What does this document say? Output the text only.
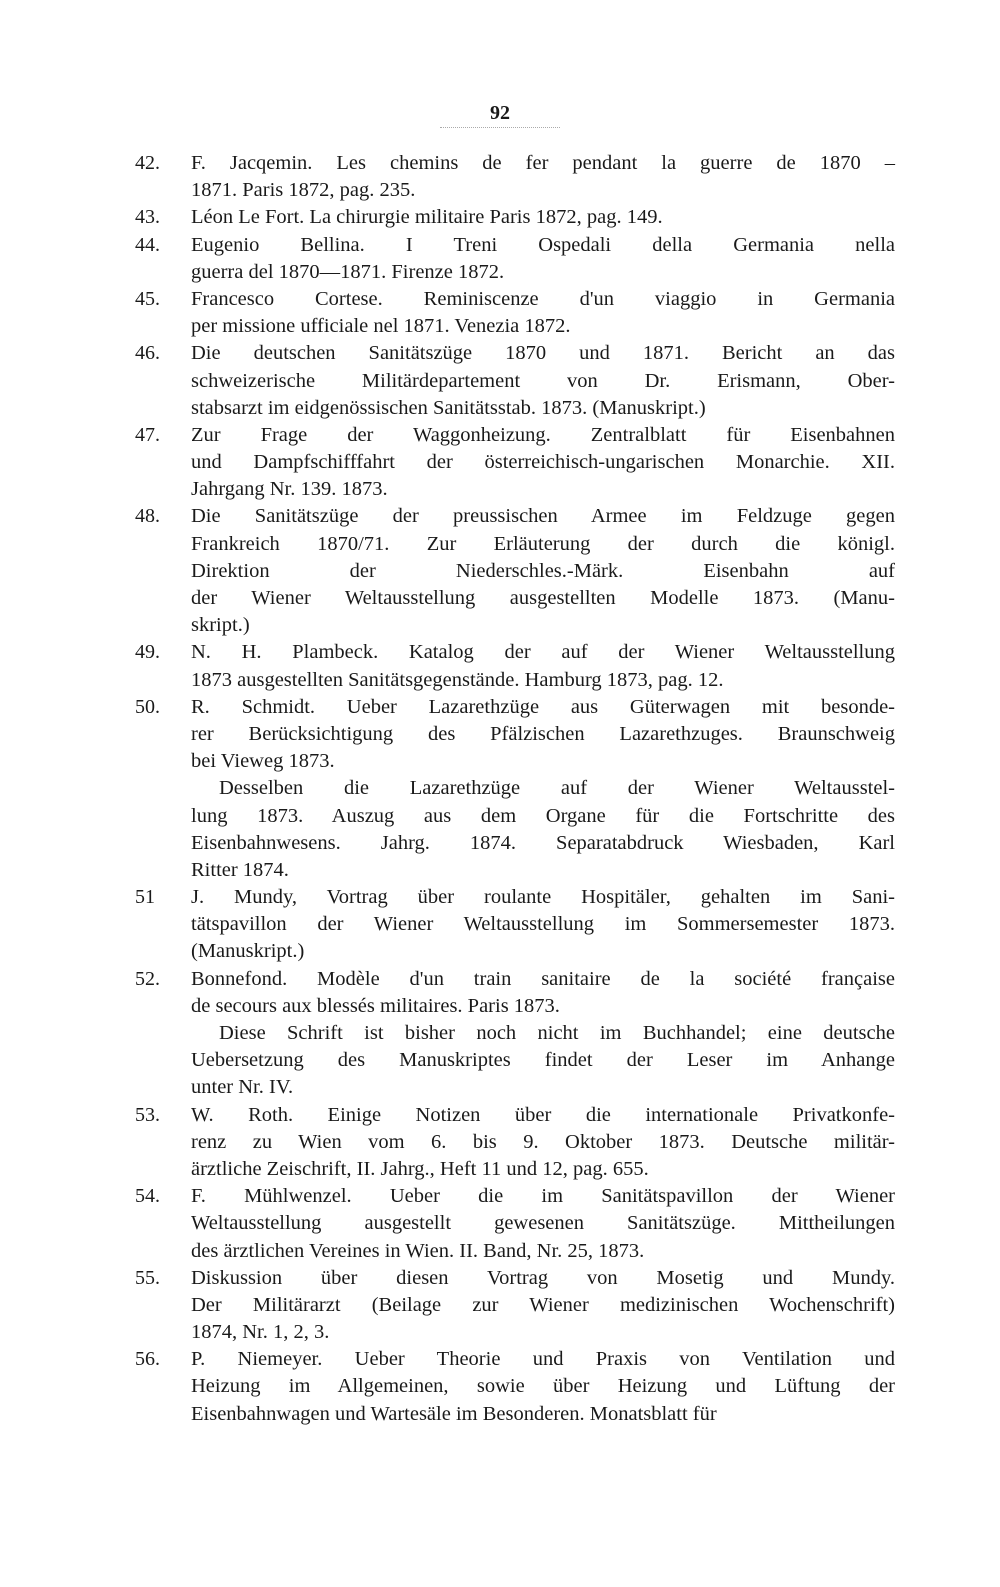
92
42.	F. Jacqemin. Les chemins de fer pendant la guerre de 1870 –
1871. Paris 1872, pag. 235.
43.	Léon Le Fort. La chirurgie militaire Paris 1872, pag. 149.
44.	Eugenio Bellina. I Treni Ospedali della Germania nella
guerra del 1870—1871. Firenze 1872.
45.	Francesco Cortese. Reminiscenze d'un viaggio in Germania
per missione ufficiale nel 1871. Venezia 1872.
46.	Die deutschen Sanitätszüge 1870 und 1871. Bericht an das
schweizerische Militärdepartement von Dr. Erismann, Ober-
stabsarzt im eidgenössischen Sanitätsstab. 1873. (Manuskript.)
47.	Zur Frage der Waggonheizung. Zentralblatt für Eisenbahnen
und Dampfschifffahrt der österreichisch-ungarischen Monarchie. XII.
Jahrgang Nr. 139. 1873.
48.	Die Sanitätszüge der preussischen Armee im Feldzuge gegen
Frankreich 1870/71. Zur Erläuterung der durch die königl.
Direktion der Niederschles.-Märk. Eisenbahn auf
der Wiener Weltausstellung ausgestellten Modelle 1873. (Manu-
skript.)
49.	N. H. Plambeck. Katalog der auf der Wiener Weltausstellung
1873 ausgestellten Sanitätsgegenstände. Hamburg 1873, pag. 12.
50.	R. Schmidt. Ueber Lazarethzüge aus Güterwagen mit besonde-
rer Berücksichtigung des Pfälzischen Lazarethzuges. Braunschweig
bei Vieweg 1873.
Desselben die Lazarethzüge auf der Wiener Weltausstel-
lung 1873. Auszug aus dem Organe für die Fortschritte des
Eisenbahnwesens. Jahrg. 1874. Separatabdruck Wiesbaden, Karl
Ritter 1874.
51	J. Mundy, Vortrag über roulante Hospitäler, gehalten im Sani-
tätspavillon der Wiener Weltausstellung im Sommersemester 1873.
(Manuskript.)
52.	Bonnefond. Modèle d'un train sanitaire de la société française
de secours aux blessés militaires. Paris 1873.
Diese Schrift ist bisher noch nicht im Buchhandel; eine deutsche
Uebersetzung des Manuskriptes findet der Leser im Anhange
unter Nr. IV.
53.	W. Roth. Einige Notizen über die internationale Privatkonfe-
renz zu Wien vom 6. bis 9. Oktober 1873. Deutsche militär-
ärztliche Zeischrift, II. Jahrg., Heft 11 und 12, pag. 655.
54.	F. Mühlwenzel. Ueber die im Sanitätspavillon der Wiener
Weltausstellung ausgestellt gewesenen Sanitätszüge. Mittheilungen
des ärztlichen Vereines in Wien. II. Band, Nr. 25, 1873.
55.	Diskussion über diesen Vortrag von Mosetig und Mundy.
Der Militärarzt (Beilage zur Wiener medizinischen Wochenschrift)
1874, Nr. 1, 2, 3.
56.	P. Niemeyer. Ueber Theorie und Praxis von Ventilation und
Heizung im Allgemeinen, sowie über Heizung und Lüftung der
Eisenbahnwagen und Wartesäle im Besonderen. Monatsblatt für
